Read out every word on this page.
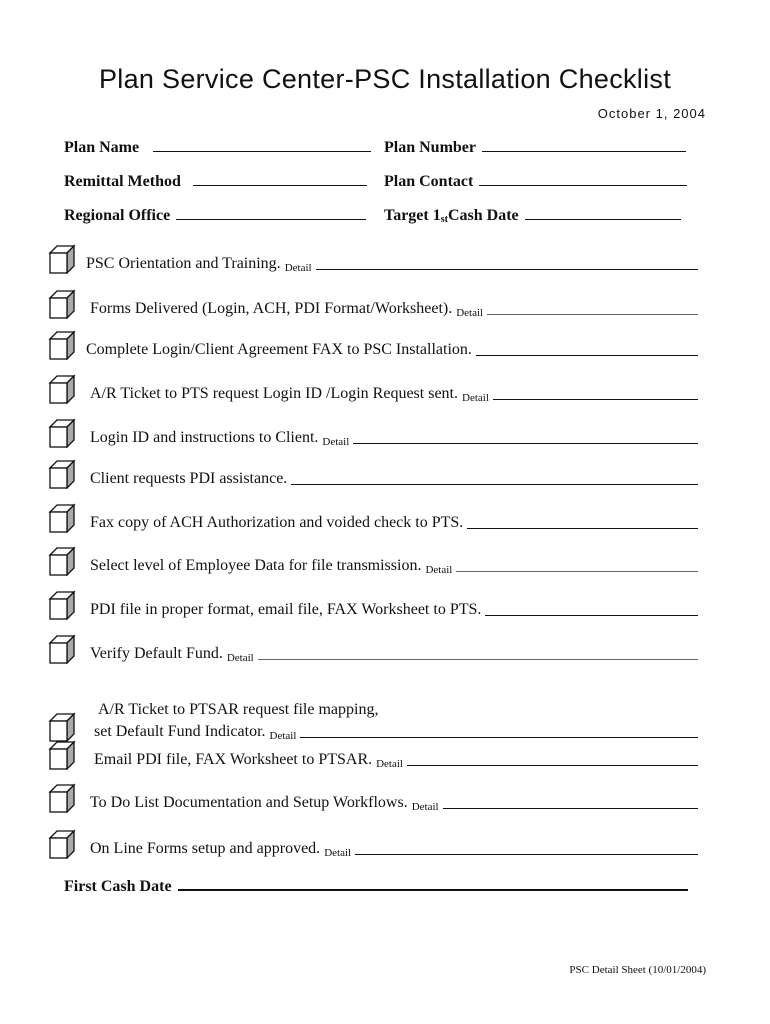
Plan Service Center-PSC Installation Checklist
October 1, 2004
Plan Name	Plan Number
Remittal Method	Plan Contact
Regional Office	Target $1_{st}Cash$ Date
PSC Orientation and Training. Detail
Forms Delivered (Login, ACH, PDI Format/Worksheet). Detail
Complete Login/Client Agreement FAX to PSC Installation.
A/R Ticket to PTS request Login ID /Login Request sent. Detail
Login ID and instructions to Client. Detail
Client requests PDI assistance.
Fax copy of ACH Authorization and voided check to PTS.
Select level of Employee Data for file transmission. Detail
PDI file in proper format, email file, FAX Worksheet to PTS.
Verify Default Fund. Detail
A/R Ticket to PTSAR request file mapping,
set Default Fund Indicator. Detail
Email PDI file, FAX Worksheet to PTSAR. Detail
To Do List Documentation and Setup Workflows. Detail
On Line Forms setup and approved. Detail
First Cash Date
PSC Detail Sheet (10/01/2004)
